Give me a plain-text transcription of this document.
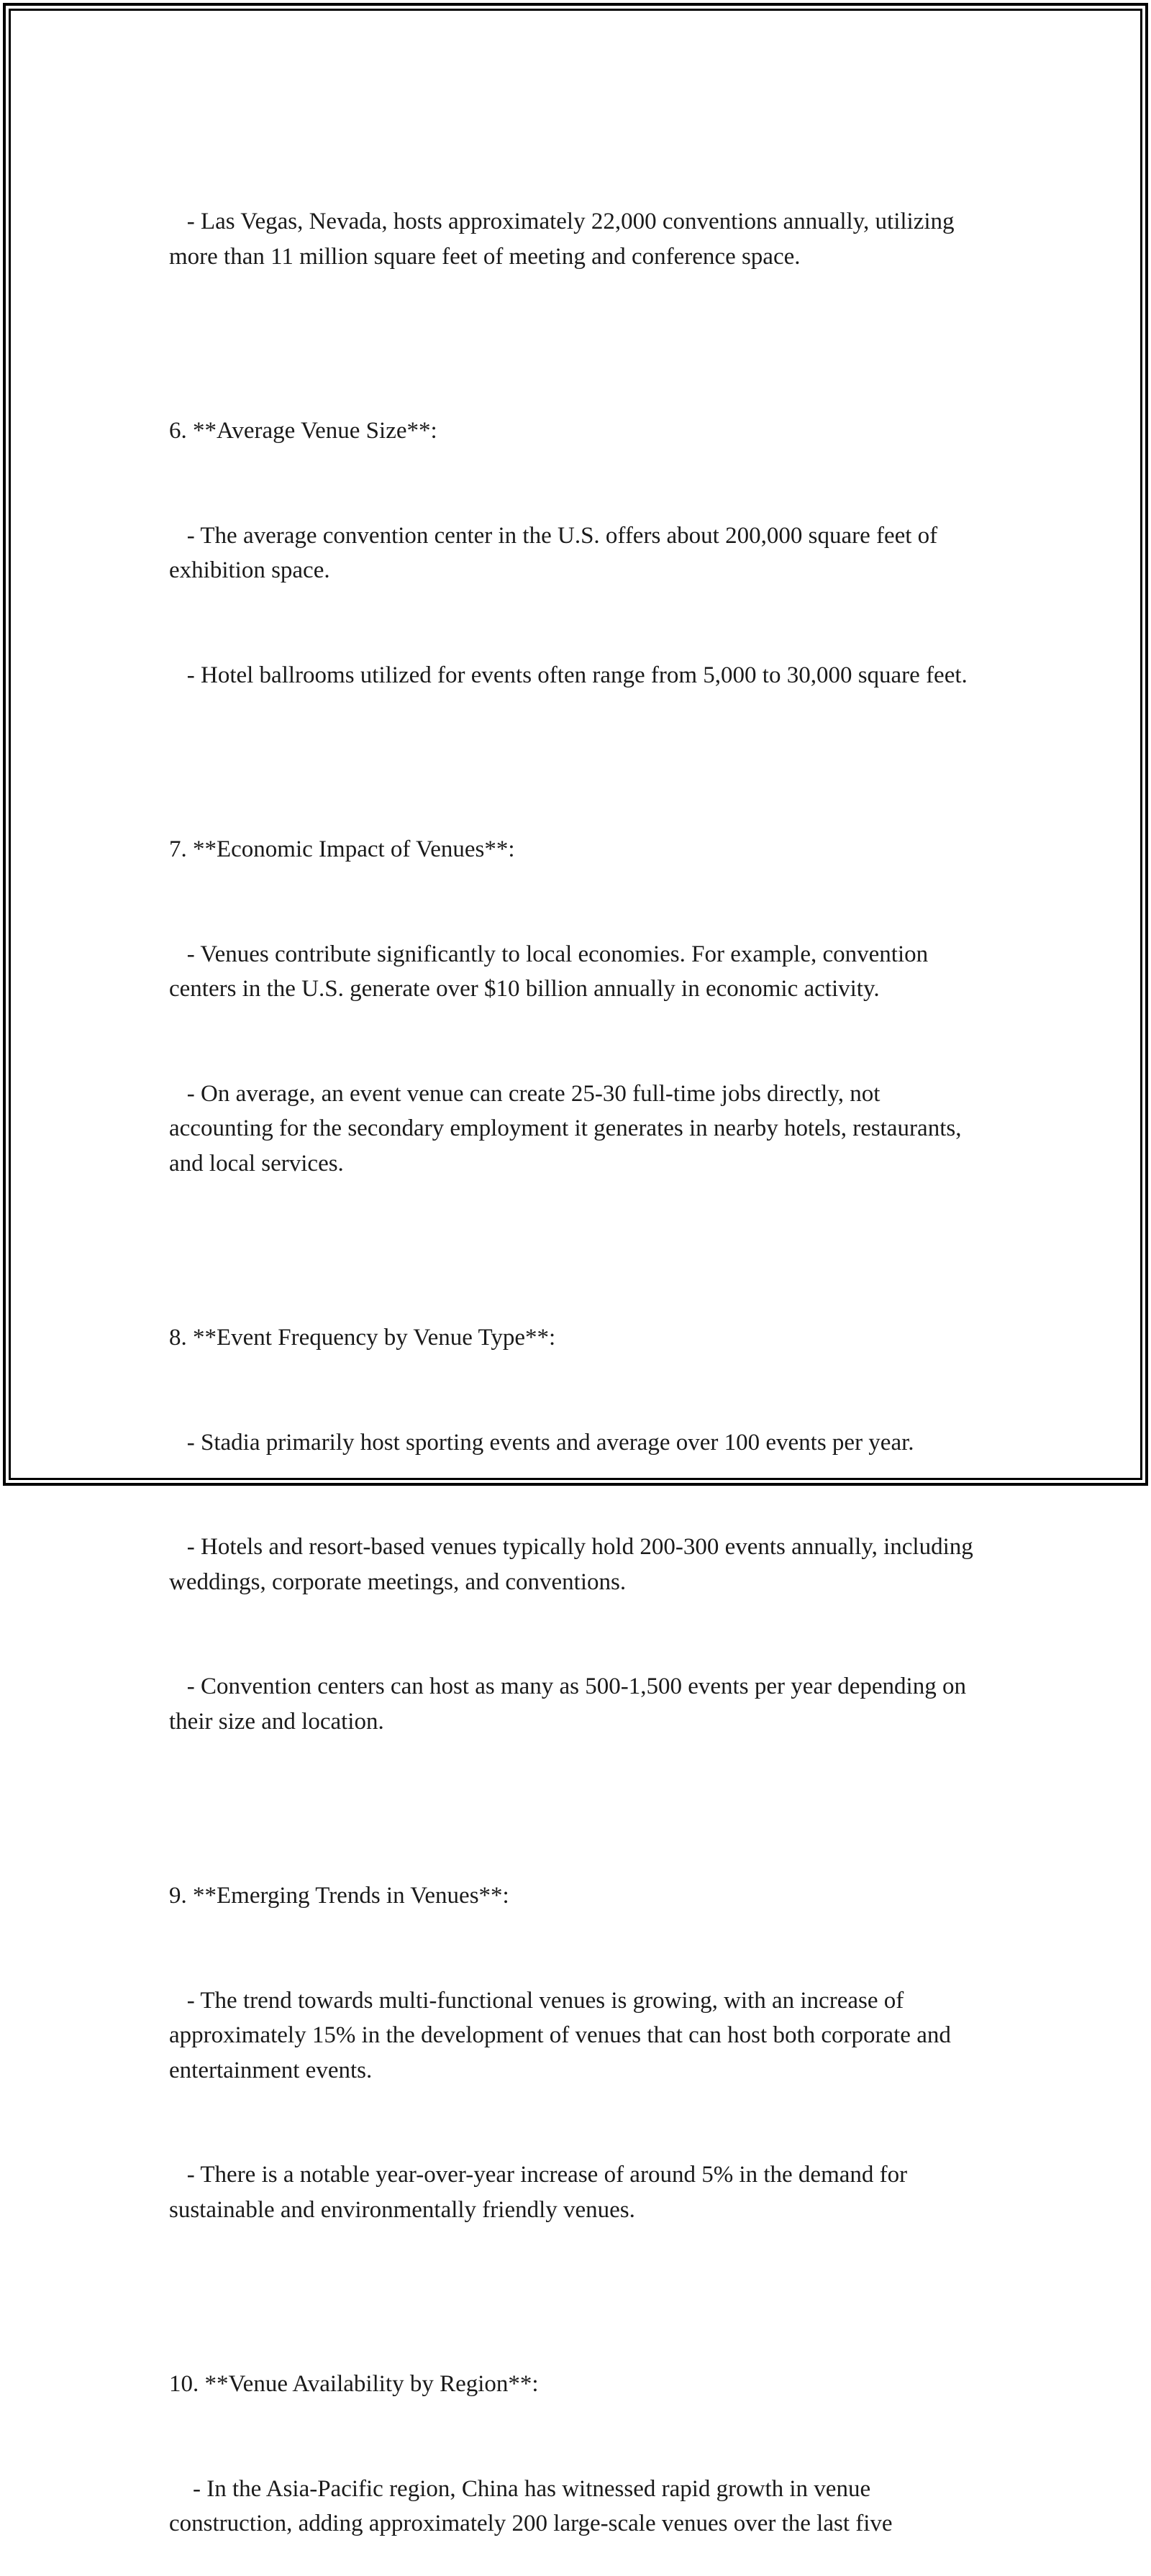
- Las Vegas, Nevada, hosts approximately 22,000 conventions annually, utilizing more than 11 million square feet of meeting and conference space.

6. **Average Venue Size**:

- The average convention center in the U.S. offers about 200,000 square feet of exhibition space.

- Hotel ballrooms utilized for events often range from 5,000 to 30,000 square feet.

7. **Economic Impact of Venues**:

- Venues contribute significantly to local economies. For example, convention centers in the U.S. generate over $10 billion annually in economic activity.

- On average, an event venue can create 25-30 full-time jobs directly, not accounting for the secondary employment it generates in nearby hotels, restaurants, and local services.

8. **Event Frequency by Venue Type**:

- Stadia primarily host sporting events and average over 100 events per year.

- Hotels and resort-based venues typically hold 200-300 events annually, including weddings, corporate meetings, and conventions.

- Convention centers can host as many as 500-1,500 events per year depending on their size and location.

9. **Emerging Trends in Venues**:

- The trend towards multi-functional venues is growing, with an increase of approximately 15% in the development of venues that can host both corporate and entertainment events.

- There is a notable year-over-year increase of around 5% in the demand for sustainable and environmentally friendly venues.

10. **Venue Availability by Region**:

- In the Asia-Pacific region, China has witnessed rapid growth in venue construction, adding approximately 200 large-scale venues over the last five
